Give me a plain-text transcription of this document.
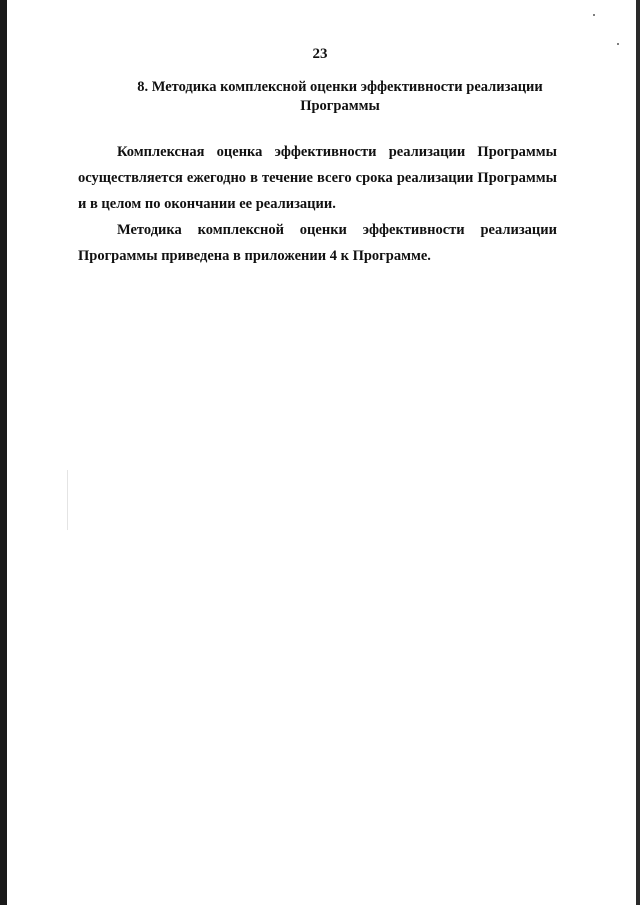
23
8. Методика комплексной оценки эффективности реализации
Программы

Комплексная оценка эффективности реализации Программы осуществляется ежегодно в течение всего срока реализации Программы и в целом по окончании ее реализации.

Методика комплексной оценки эффективности реализации Программы приведена в приложении 4 к Программе.
